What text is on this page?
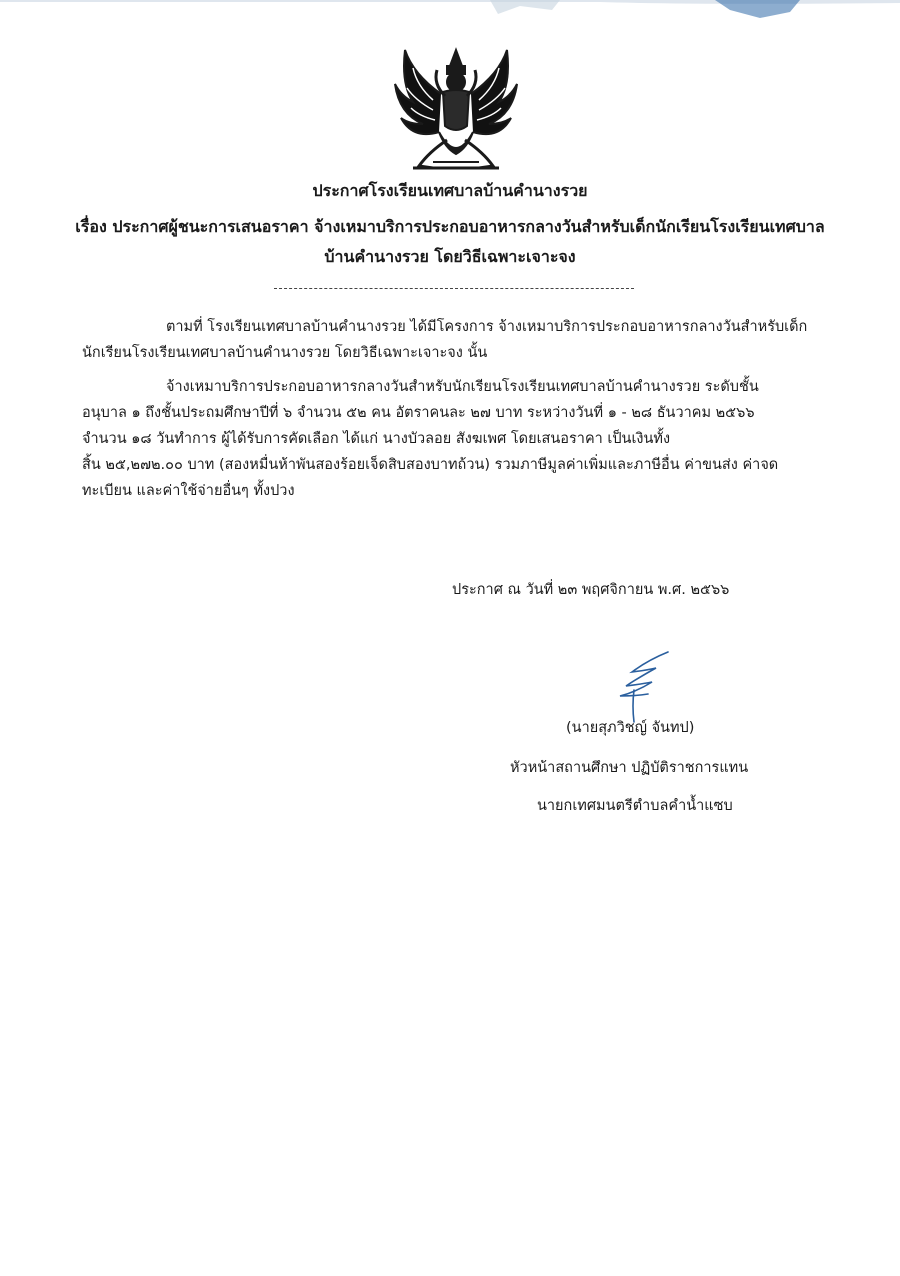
ประกาศโรงเรียนเทศบาลบ้านคำนางรวย
เรื่อง ประกาศผู้ชนะการเสนอราคา จ้างเหมาบริการประกอบอาหารกลางวันสำหรับเด็กนักเรียนโรงเรียนเทศบาล
บ้านคำนางรวย โดยวิธีเฉพาะเจาะจง

ตามที่ โรงเรียนเทศบาลบ้านคำนางรวย ได้มีโครงการ จ้างเหมาบริการประกอบอาหารกลางวันสำหรับเด็ก
นักเรียนโรงเรียนเทศบาลบ้านคำนางรวย โดยวิธีเฉพาะเจาะจง นั้น

จ้างเหมาบริการประกอบอาหารกลางวันสำหรับนักเรียนโรงเรียนเทศบาลบ้านคำนางรวย ระดับชั้น
อนุบาล ๑ ถึงชั้นประถมศึกษาปีที่ ๖ จำนวน ๕๒ คน อัตราคนละ ๒๗ บาท ระหว่างวันที่ ๑ - ๒๘ ธันวาคม ๒๕๖๖
จำนวน ๑๘ วันทำการ ผู้ได้รับการคัดเลือก ได้แก่ นางบัวลอย สังฆเพศ โดยเสนอราคา เป็นเงินทั้ง
สิ้น ๒๕,๒๗๒.๐๐ บาท (สองหมื่นห้าพันสองร้อยเจ็ดสิบสองบาทถ้วน) รวมภาษีมูลค่าเพิ่มและภาษีอื่น ค่าขนส่ง ค่าจด
ทะเบียน และค่าใช้จ่ายอื่นๆ ทั้งปวง

ประกาศ ณ วันที่ ๒๓ พฤศจิกายน พ.ศ. ๒๕๖๖
(นายสุภวิชญ์ จันทป)
หัวหน้าสถานศึกษา ปฏิบัติราชการแทน
นายกเทศมนตรีตำบลคำน้ำแซบ
